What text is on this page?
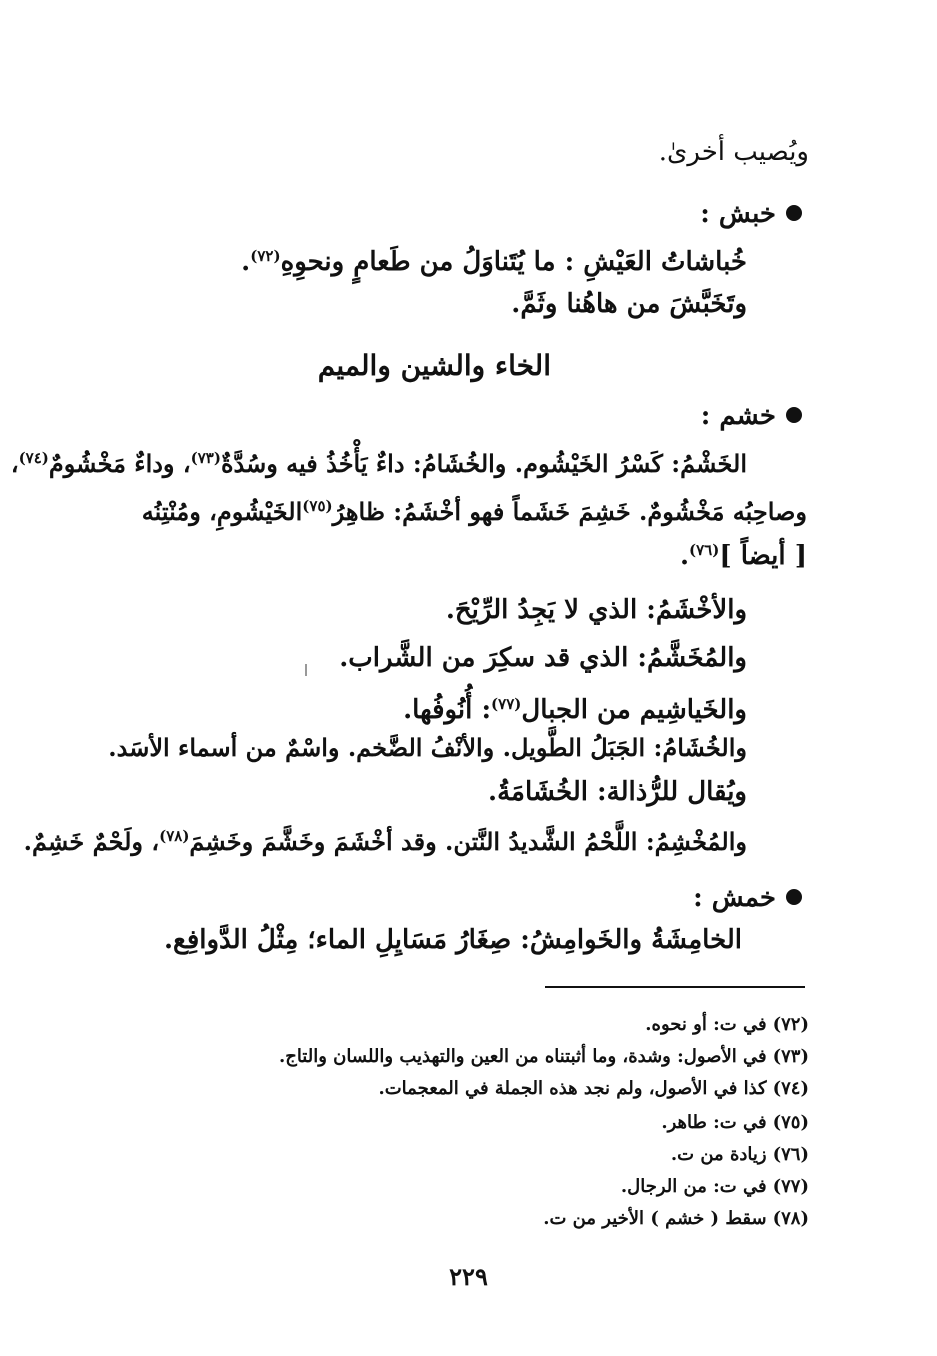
ويُصيب أخرىٰ.
خبش :
خُباشاتُ العَيْشِ : ما يُتَناوَلُ من طَعامٍ ونحوِهِ$^{(٧٢)}$.
وتَخَبَّشَ من هاهُنا وثَمَّ.
الخاء والشين والميم
خشم :
الخَشْمُ: كَسْرُ الخَيْشُوم. والخُشَامُ: داءٌ يَأْخُذُ فيه وسُدَّةٌ$^{(٧٣)}$، وداءٌ مَخْشُومٌ$^{(٧٤)}$،
وصاحِبُه مَخْشُومٌ. خَشِمَ خَشَماً فهو أخْشَمُ: ظاهِرُ$^{(٧٥)}$الخَيْشُومِ، ومُنْتِنُه
[ أيضاً ]$^{(٧٦)}$.
والأخْشَمُ: الذي لا يَجِدُ الرِّيْحَ.
والمُخَشَّمُ: الذي قد سكِرَ من الشَّراب.
والخَياشِيم من الجبال$^{(٧٧)}$: أُنُوفُها.
والخُشَامُ: الجَبَلُ الطَّويل. والأنْفُ الضَّخم. واسْمٌ من أسماء الأسَد.
ويُقال للرُّذالة: الخُشَامَةُ.
والمُخْشِمُ: اللَّحْمُ الشَّديدُ النَّتن. وقد أخْشَمَ وخَشَّمَ وخَشِمَ$^{(٧٨)}$، ولَحْمٌ خَشِمٌ.
خمش :
الخامِشَةُ والخَوامِشُ: صِغَارُ مَسَايِلِ الماء؛ مِثْلُ الدَّوافِع.
(٧٢)في ت: أو نحوه.
(٧٣)في الأصول: وشدة، وما أثبتناه من العين والتهذيب واللسان والتاج.
(٧٤)كذا في الأصول، ولم نجد هذه الجملة في المعجمات.
(٧٥)في ت: طاهر.
(٧٦)زيادة من ت.
(٧٧)في ت: من الرجال.
(٧٨)سقط ( خشم ) الأخير من ت.
٢٢٩
